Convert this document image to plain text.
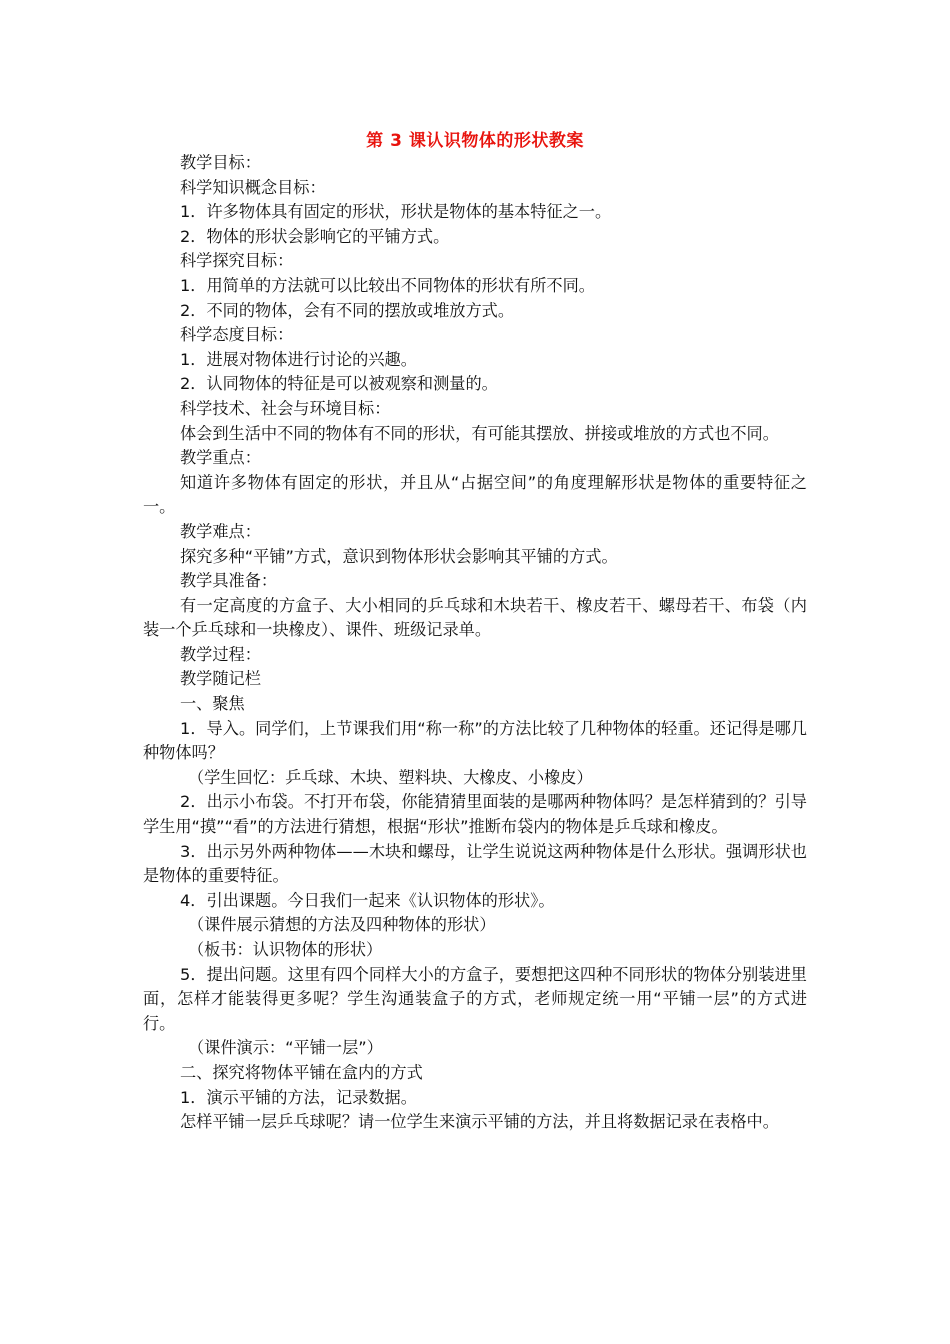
第 3 课认识物体的形状教案

教学目标：

科学知识概念目标：

1．许多物体具有固定的形状，形状是物体的基本特征之一。

2．物体的形状会影响它的平铺方式。

科学探究目标：

1．用简单的方法就可以比较出不同物体的形状有所不同。

2．不同的物体，会有不同的摆放或堆放方式。

科学态度目标：

1．进展对物体进行讨论的兴趣。

2．认同物体的特征是可以被观察和测量的。

科学技术、社会与环境目标：

体会到生活中不同的物体有不同的形状，有可能其摆放、拼接或堆放的方式也不同。

教学重点：

知道许多物体有固定的形状，并且从“占据空间”的角度理解形状是物体的重要特征之一。

教学难点：

探究多种“平铺”方式，意识到物体形状会影响其平铺的方式。

教学具准备：

有一定高度的方盒子、大小相同的乒乓球和木块若干、橡皮若干、螺母若干、布袋（内装一个乒乓球和一块橡皮）、课件、班级记录单。

教学过程：

教学随记栏

一、聚焦

1．导入。同学们，上节课我们用“称一称”的方法比较了几种物体的轻重。还记得是哪几种物体吗？

（学生回忆：乒乓球、木块、塑料块、大橡皮、小橡皮）

2．出示小布袋。不打开布袋，你能猜猜里面装的是哪两种物体吗？是怎样猜到的？引导学生用“摸”“看”的方法进行猜想，根据“形状”推断布袋内的物体是乒乓球和橡皮。

3．出示另外两种物体——木块和螺母，让学生说说这两种物体是什么形状。强调形状也是物体的重要特征。

4．引出课题。今日我们一起来《认识物体的形状》。

（课件展示猜想的方法及四种物体的形状）

（板书：认识物体的形状）

5．提出问题。这里有四个同样大小的方盒子，要想把这四种不同形状的物体分别装进里面，怎样才能装得更多呢？学生沟通装盒子的方式，老师规定统一用“平铺一层”的方式进行。

（课件演示：“平铺一层”）

二、探究将物体平铺在盒内的方式

1．演示平铺的方法，记录数据。

怎样平铺一层乒乓球呢？请一位学生来演示平铺的方法，并且将数据记录在表格中。
